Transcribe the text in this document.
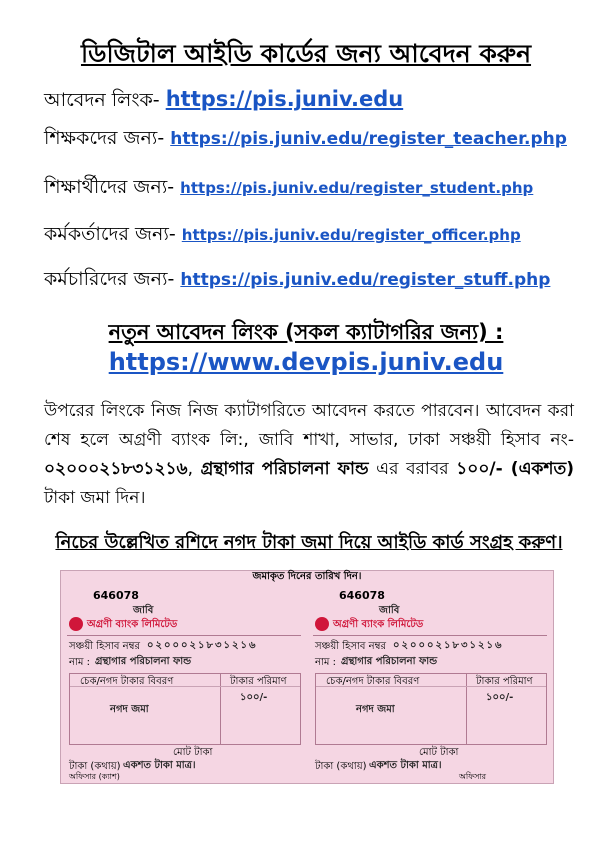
ডিজিটাল আইডি কার্ডের জন্য আবেদন করুন
আবেদন লিংক- https://pis.juniv.edu
শিক্ষকদের জন্য- https://pis.juniv.edu/register_teacher.php
শিক্ষার্থীদের জন্য- https://pis.juniv.edu/register_student.php
কর্মকর্তাদের জন্য- https://pis.juniv.edu/register_officer.php
কর্মচারিদের জন্য- https://pis.juniv.edu/register_stuff.php
নতুন আবেদন লিংক (সকল ক্যাটাগরির জন্য) :
https://www.devpis.juniv.edu
উপরের লিংকে নিজ নিজ ক্যাটাগরিতে আবেদন করতে পারবেন। আবেদন করা শেষ হলে অগ্রণী ব্যাংক লি:, জাবি শাখা, সাভার, ঢাকা সঞ্চয়ী হিসাব নং- ০২০০০২১৮৩১২১৬, গ্রন্থাগার পরিচালনা ফান্ড এর বরাবর ১০০/- (একশত) টাকা জমা দিন।
নিচের উল্লেখিত রশিদে নগদ টাকা জমা দিয়ে আইডি কার্ড সংগ্রহ করুণ।
জমাকৃত দিনের তারিখ দিন।
646078
জাবি
অগ্রণী ব্যাংক লিমিটেড
সঞ্চয়ী হিসাব নম্বর ০২০০০২১৮৩১২১৬
নাম : গ্রন্থাগার পরিচালনা ফান্ড
চেক/নগদ টাকার বিবরণ	টাকার পরিমাণ
নগদ জমা
১০০/-
মোট টাকা
টাকা (কথায়) একশত টাকা মাত্র।
অফিসার (ক্যাশ)
646078
জাবি
অগ্রণী ব্যাংক লিমিটেড
সঞ্চয়ী হিসাব নম্বর ০২০০০২১৮৩১২১৬
নাম : গ্রন্থাগার পরিচালনা ফান্ড
চেক/নগদ টাকার বিবরণ	টাকার পরিমাণ
নগদ জমা
১০০/-
মোট টাকা
টাকা (কথায়) একশত টাকা মাত্র।
অফিসার
